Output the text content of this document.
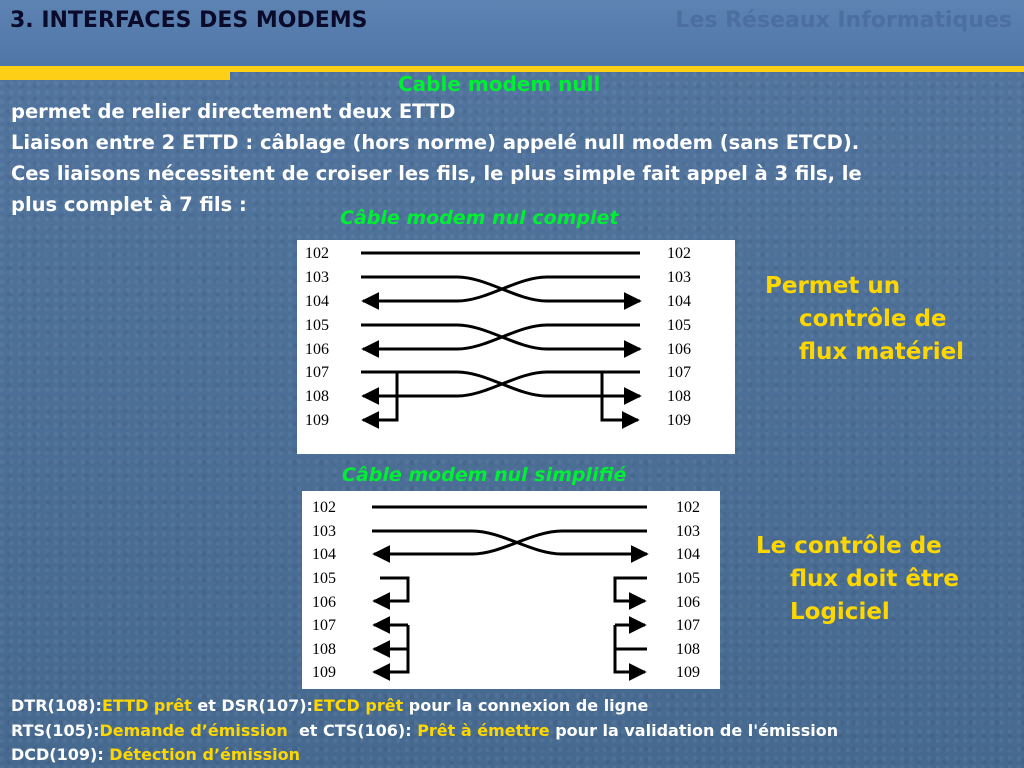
3. INTERFACES DES MODEMS	Les Réseaux Informatiques
Cable modem null
permet de relier directement deux ETTD
Liaison entre 2 ETTD : câblage (hors norme) appelé null modem (sans ETCD).
Ces liaisons nécessitent de croiser les fils, le plus simple fait appel à 3 fils, le
plus complet à 7 fils :
Câble modem nul complet
102
103
104
105
106
107
108
109
102
103
104
105
106
107
108
109
Câble modem nul simplifié
102
103
104
105
106
107
108
109
102
103
104
105
106
107
108
109
Permet un
contrôle de
flux matériel
Le contrôle de
flux doit être
Logiciel
DTR(108):ETTD prêt et DSR(107):ETCD prêt pour la connexion de ligne
RTS(105):Demande d’émission  et CTS(106): Prêt à émettre pour la validation de l'émission
DCD(109): Détection d’émission
